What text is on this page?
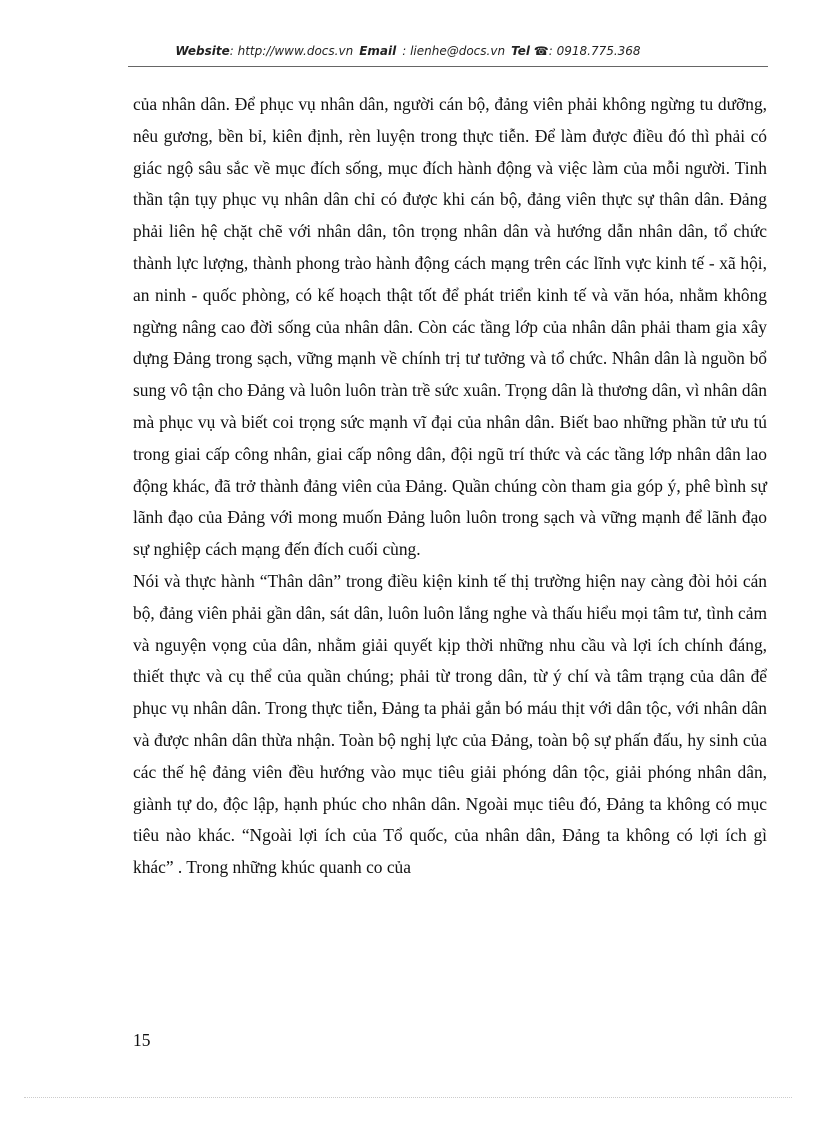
Website: http://www.docs.vn Email : lienhe@docs.vn Tel ☎: 0918.775.368

của nhân dân. Để phục vụ nhân dân, người cán bộ, đảng viên phải không ngừng tu dưỡng, nêu gương, bền bỉ, kiên định, rèn luyện trong thực tiễn. Để làm được điều đó thì phải có giác ngộ sâu sắc về mục đích sống, mục đích hành động và việc làm của mỗi người. Tinh thần tận tụy phục vụ nhân dân chỉ có được khi cán bộ, đảng viên thực sự thân dân. Đảng phải liên hệ chặt chẽ với nhân dân, tôn trọng nhân dân và hướng dẫn nhân dân, tổ chức thành lực lượng, thành phong trào hành động cách mạng trên các lĩnh vực kinh tế - xã hội, an ninh - quốc phòng, có kế hoạch thật tốt để phát triển kinh tế và văn hóa, nhằm không ngừng nâng cao đời sống của nhân dân. Còn các tầng lớp của nhân dân phải tham gia xây dựng Đảng trong sạch, vững mạnh về chính trị tư tưởng và tổ chức. Nhân dân là nguồn bổ sung vô tận cho Đảng và luôn luôn tràn trề sức xuân. Trọng dân là thương dân, vì nhân dân mà phục vụ và biết coi trọng sức mạnh vĩ đại của nhân dân. Biết bao những phần tử ưu tú trong giai cấp công nhân, giai cấp nông dân, đội ngũ trí thức và các tầng lớp nhân dân lao động khác, đã trở thành đảng viên của Đảng. Quần chúng còn tham gia góp ý, phê bình sự lãnh đạo của Đảng với mong muốn Đảng luôn luôn trong sạch và vững mạnh để lãnh đạo sự nghiệp cách mạng đến đích cuối cùng.

Nói và thực hành “Thân dân” trong điều kiện kinh tế thị trường hiện nay càng đòi hỏi cán bộ, đảng viên phải gần dân, sát dân, luôn luôn lắng nghe và thấu hiểu mọi tâm tư, tình cảm và nguyện vọng của dân, nhằm giải quyết kịp thời những nhu cầu và lợi ích chính đáng, thiết thực và cụ thể của quần chúng; phải từ trong dân, từ ý chí và tâm trạng của dân để phục vụ nhân dân. Trong thực tiễn, Đảng ta phải gắn bó máu thịt với dân tộc, với nhân dân và được nhân dân thừa nhận. Toàn bộ nghị lực của Đảng, toàn bộ sự phấn đấu, hy sinh của các thế hệ đảng viên đều hướng vào mục tiêu giải phóng dân tộc, giải phóng nhân dân, giành tự do, độc lập, hạnh phúc cho nhân dân. Ngoài mục tiêu đó, Đảng ta không có mục tiêu nào khác. “Ngoài lợi ích của Tổ quốc, của nhân dân, Đảng ta không có lợi ích gì khác” . Trong những khúc quanh co của

15
